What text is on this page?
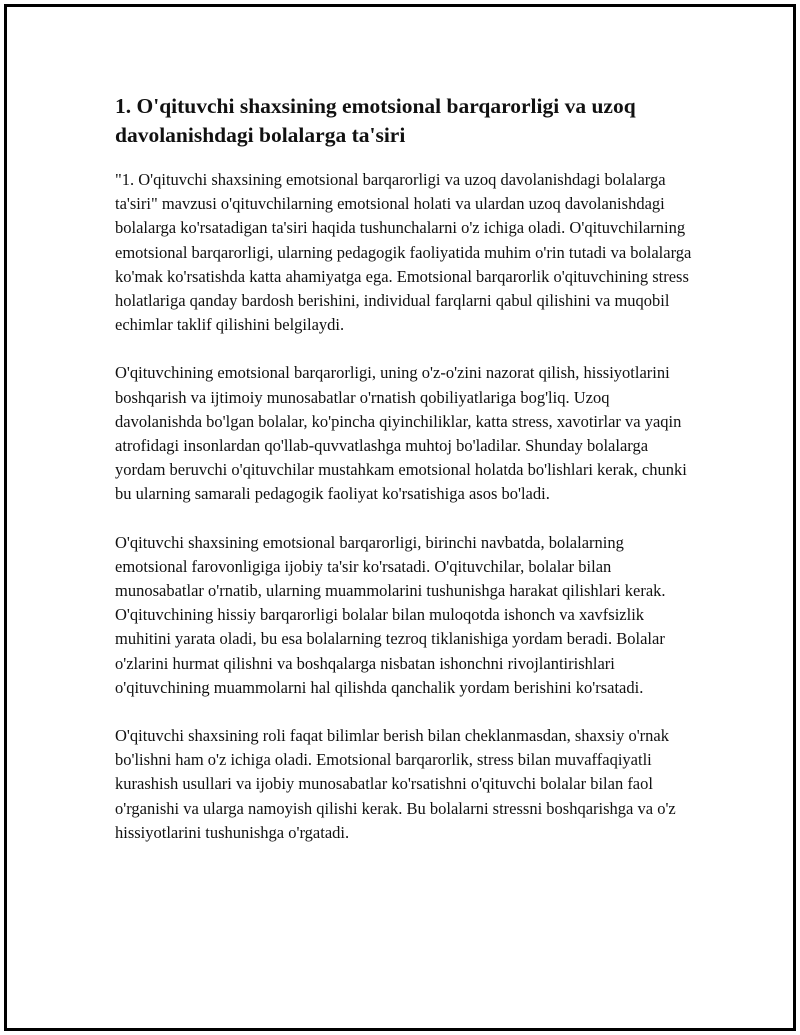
1. O'qituvchi shaxsining emotsional barqarorligi va uzoq davolanishdagi bolalarga ta'siri

"1. O'qituvchi shaxsining emotsional barqarorligi va uzoq davolanishdagi bolalarga ta'siri" mavzusi o'qituvchilarning emotsional holati va ulardan uzoq davolanishdagi bolalarga ko'rsatadigan ta'siri haqida tushunchalarni o'z ichiga oladi. O'qituvchilarning emotsional barqarorligi, ularning pedagogik faoliyatida muhim o'rin tutadi va bolalarga ko'mak ko'rsatishda katta ahamiyatga ega. Emotsional barqarorlik o'qituvchining stress holatlariga qanday bardosh berishini, individual farqlarni qabul qilishini va muqobil echimlar taklif qilishini belgilaydi.

O'qituvchining emotsional barqarorligi, uning o'z-o'zini nazorat qilish, hissiyotlarini boshqarish va ijtimoiy munosabatlar o'rnatish qobiliyatlariga bog'liq. Uzoq davolanishda bo'lgan bolalar, ko'pincha qiyinchiliklar, katta stress, xavotirlar va yaqin atrofidagi insonlardan qo'llab-quvvatlashga muhtoj bo'ladilar. Shunday bolalarga yordam beruvchi o'qituvchilar mustahkam emotsional holatda bo'lishlari kerak, chunki bu ularning samarali pedagogik faoliyat ko'rsatishiga asos bo'ladi.

O'qituvchi shaxsining emotsional barqarorligi, birinchi navbatda, bolalarning emotsional farovonligiga ijobiy ta'sir ko'rsatadi. O'qituvchilar, bolalar bilan munosabatlar o'rnatib, ularning muammolarini tushunishga harakat qilishlari kerak. O'qituvchining hissiy barqarorligi bolalar bilan muloqotda ishonch va xavfsizlik muhitini yarata oladi, bu esa bolalarning tezroq tiklanishiga yordam beradi. Bolalar o'zlarini hurmat qilishni va boshqalarga nisbatan ishonchni rivojlantirishlari o'qituvchining muammolarni hal qilishda qanchalik yordam berishini ko'rsatadi.

O'qituvchi shaxsining roli faqat bilimlar berish bilan cheklanmasdan, shaxsiy o'rnak bo'lishni ham o'z ichiga oladi. Emotsional barqarorlik, stress bilan muvaffaqiyatli kurashish usullari va ijobiy munosabatlar ko'rsatishni o'qituvchi bolalar bilan faol o'rganishi va ularga namoyish qilishi kerak. Bu bolalarni stressni boshqarishga va o'z hissiyotlarini tushunishga o'rgatadi.
